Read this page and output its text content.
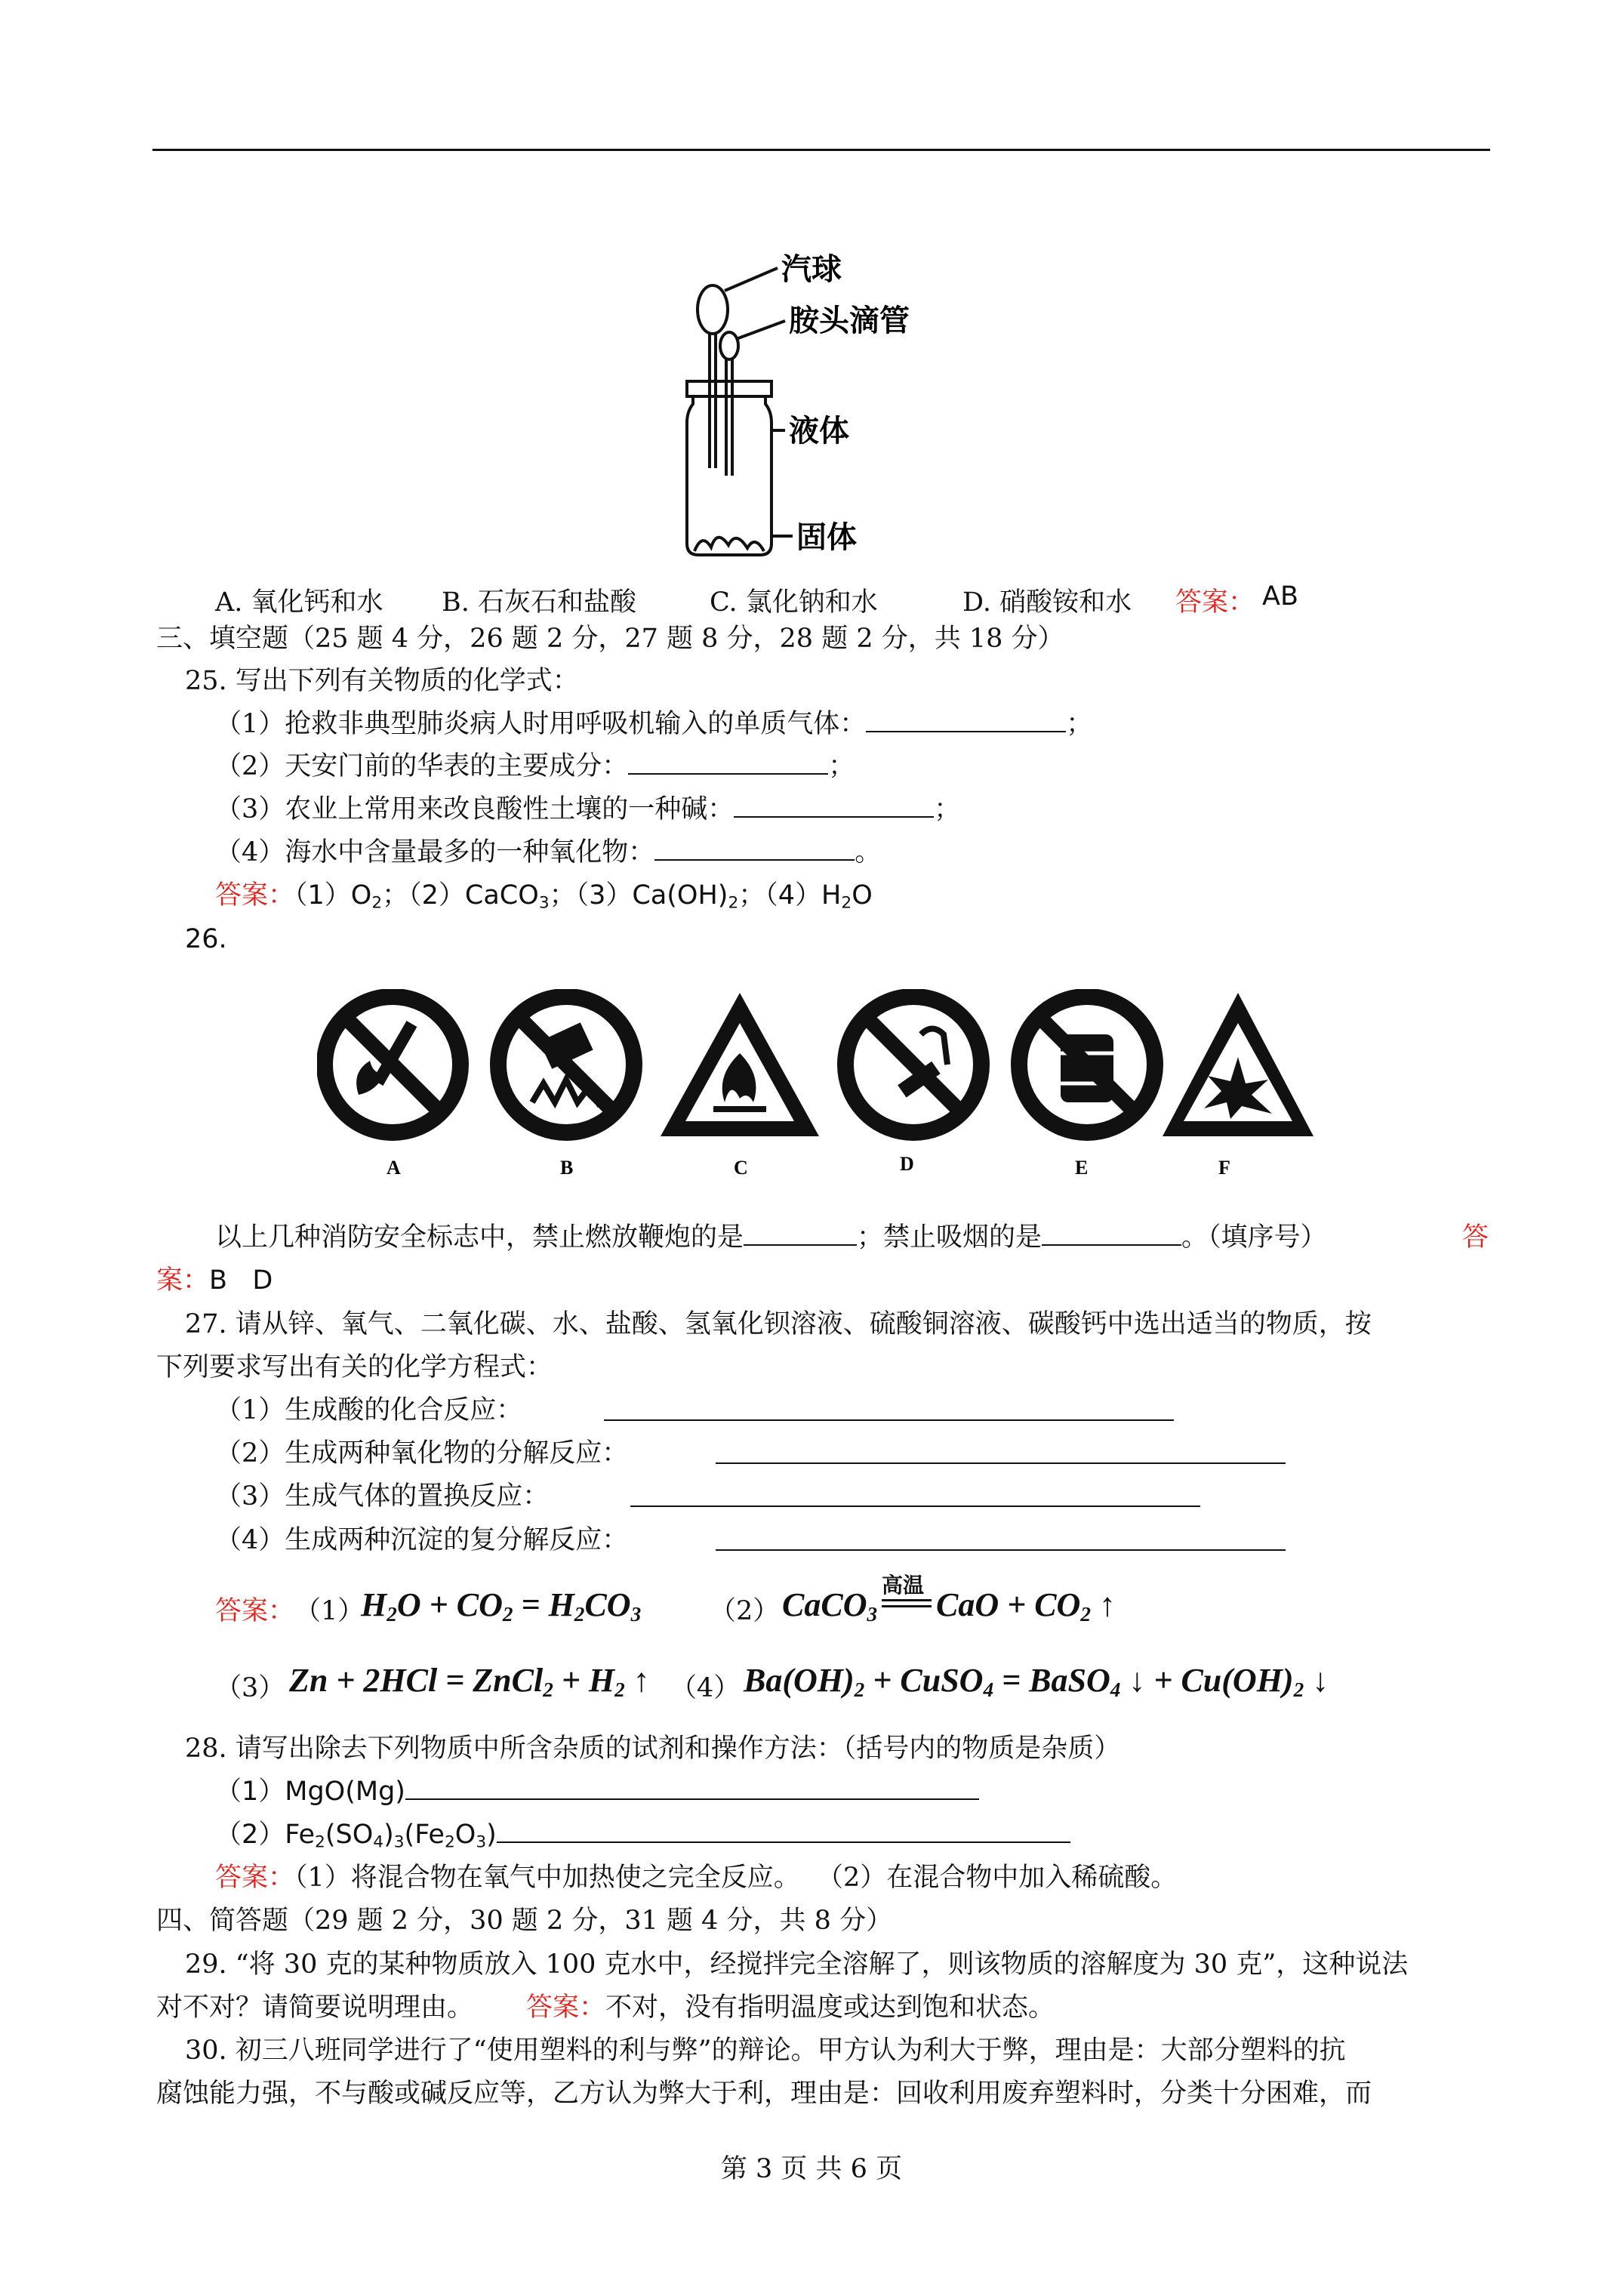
汽球
胺头滴管
液体
固体
A. 氧化钙和水 B. 石灰石和盐酸	C. 氯化钠和水	D. 硝酸铵和水 答案： AB
三、填空题（25 题 4 分，26 题 2 分，27 题 8 分，28 题 2 分，共 18 分）
25. 写出下列有关物质的化学式：
（1）抢救非典型肺炎病人时用呼吸机输入的单质气体：	；
（2）天安门前的华表的主要成分：	；
（3）农业上常用来改良酸性土壤的一种碱：	；
（4）海水中含量最多的一种氧化物：	。
答案：$(1)O_2$；（2）CaCO$_3$；$(3)Ca(OH)_2$；$(4)H_2O$
26.
A	B	C	D	E	F
以上几种消防安全标志中，禁止燃放鞭炮的是	；禁止吸烟的是	。（填序号）	答
案：B   D
27. 请从锌、氧气、二氧化碳、水、盐酸、氢氧化钡溶液、硫酸铜溶液、碳酸钙中选出适当的物质，按
下列要求写出有关的化学方程式：
（1）生成酸的化合反应：
（2）生成两种氧化物的分解反应：
（3）生成气体的置换反应：
（4）生成两种沉淀的复分解反应：
答案： （1）
$H_2O + CO_2 = H_2CO_3$	（2） CaCO$_3$
高温
CaO + $CO_2$ ↑
（3） Zn + 2HCl = ZnCl$_2$ + $H_2$ ↑ （4） $Ba(OH)_2$ + CuSO$_4$ = BaSO$_4$ ↓ + $Cu(OH)_2$ ↓
28. 请写出除去下列物质中所含杂质的试剂和操作方法：（括号内的物质是杂质）
（1）MgO(Mg)
$(2)Fe_2(SO_4)_3(Fe_2O_3)$
答案：（1）将混合物在氧气中加热使之完全反应。  （2）在混合物中加入稀硫酸。
四、简答题（29 题 2 分，30 题 2 分，31 题 4 分，共 8 分）
29. “将 30 克的某种物质放入 100 克水中，经搅拌完全溶解了，则该物质的溶解度为 30 克”，这种说法
对不对？请简要说明理由。 答案：不对，没有指明温度或达到饱和状态。
30. 初三八班同学进行了“使用塑料的利与弊”的辩论。甲方认为利大于弊，理由是：大部分塑料的抗
腐蚀能力强，不与酸或碱反应等，乙方认为弊大于利，理由是：回收利用废弃塑料时，分类十分困难，而
第 3 页 共 6 页
